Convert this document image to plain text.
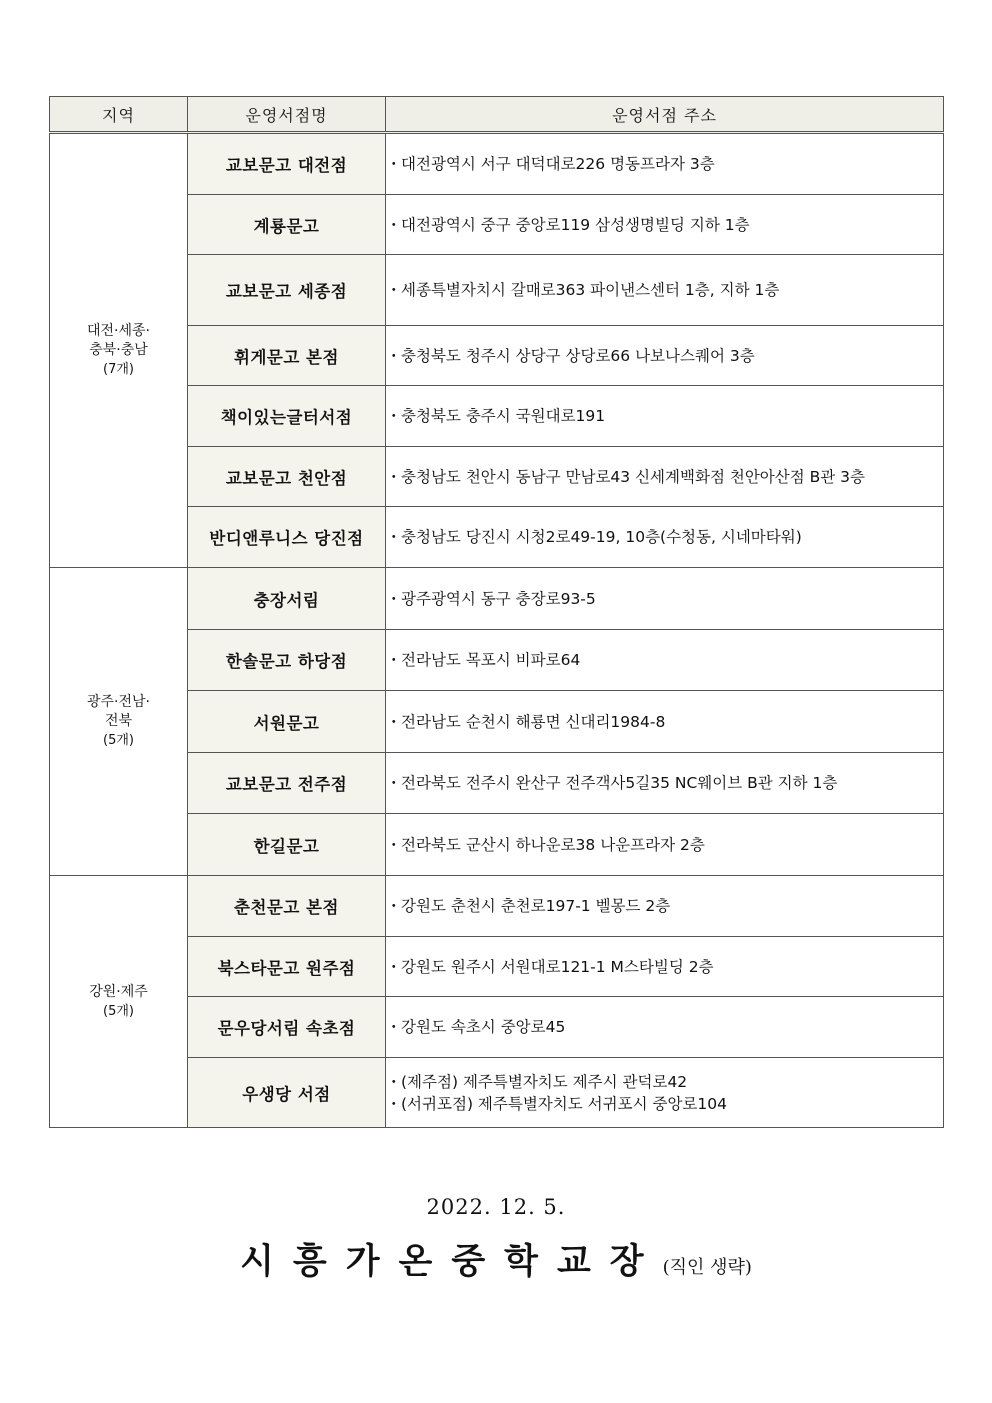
지역	운영서점명	운영서점 주소

대전·세종·
충북·충남
(7개)	교보문고 대전점	・대전광역시 서구 대덕대로226 명동프라자 3층

	계룡문고	・대전광역시 중구 중앙로119 삼성생명빌딩 지하 1층

	교보문고 세종점	・세종특별자치시 갈매로363 파이낸스센터 1층, 지하 1층

	휘게문고 본점	・충청북도 청주시 상당구 상당로66 나보나스퀘어 3층

	책이있는글터서점	・충청북도 충주시 국원대로191

	교보문고 천안점	・충청남도 천안시 동남구 만남로43 신세계백화점 천안아산점 B관 3층

	반디앤루니스 당진점	・충청남도 당진시 시청2로49-19, 10층(수청동, 시네마타워)

광주·전남·
전북
(5개)	충장서림	・광주광역시 동구 충장로93-5

	한솔문고 하당점	・전라남도 목포시 비파로64

	서원문고	・전라남도 순천시 해룡면 신대리1984-8

	교보문고 전주점	・전라북도 전주시 완산구 전주객사5길35 NC웨이브 B관 지하 1층

	한길문고	・전라북도 군산시 하나운로38 나운프라자 2층

강원·제주
(5개)	춘천문고 본점	・강원도 춘천시 춘천로197-1 벨몽드 2층

	북스타문고 원주점	・강원도 원주시 서원대로121-1 M스타빌딩 2층

	문우당서림 속초점	・강원도 속초시 중앙로45

	우생당 서점	・(제주점) 제주특별자치도 제주시 관덕로42
・(서귀포점) 제주특별자치도 서귀포시 중앙로104
2022. 12. 5.
시흥가온중학교장(직인 생략)
